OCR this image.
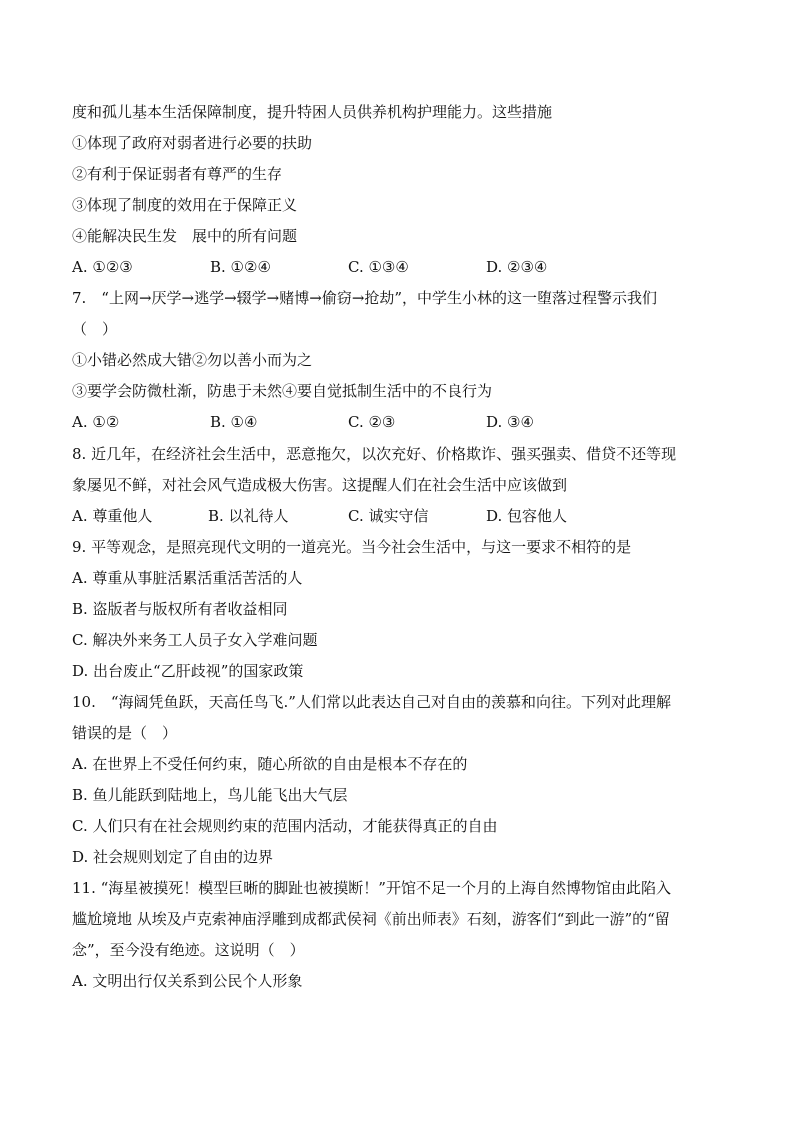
度和孤儿基本生活保障制度，提升特困人员供养机构护理能力。这些措施
①体现了政府对弱者进行必要的扶助
②有利于保证弱者有尊严的生存
③体现了制度的效用在于保障正义
④能解决民生发　展中的所有问题
A. ①②③	B. ①②④	C. ①③④	D. ②③④
7.　“上网→厌学→逃学→辍学→赌博→偷窃→抢劫”，中学生小林的这一堕落过程警示我们
（　）
①小错必然成大错②勿以善小而为之
③要学会防微杜渐，防患于未然④要自觉抵制生活中的不良行为
A. ①②	B. ①④	C. ②③	D. ③④
8. 近几年，在经济社会生活中，恶意拖欠，以次充好、价格欺诈、强买强卖、借贷不还等现
象屡见不鲜，对社会风气造成极大伤害。这提醒人们在社会生活中应该做到
A. 尊重他人	B. 以礼待人	C. 诚实守信	D. 包容他人
9. 平等观念，是照亮现代文明的一道亮光。当今社会生活中，与这一要求不相符的是
A. 尊重从事脏活累活重活苦活的人
B. 盗版者与版权所有者收益相同
C. 解决外来务工人员子女入学难问题
D. 出台废止“乙肝歧视”的国家政策
10.　“海阔凭鱼跃，天高任鸟飞.”人们常以此表达自己对自由的羡慕和向往。下列对此理解
错误的是（　）
A. 在世界上不受任何约束，随心所欲的自由是根本不存在的
B. 鱼儿能跃到陆地上，鸟儿能飞出大气层
C. 人们只有在社会规则约束的范围内活动，才能获得真正的自由
D. 社会规则划定了自由的边界
11. “海星被摸死！模型巨晰的脚趾也被摸断！”开馆不足一个月的上海自然博物馆由此陷入
尴尬境地 从埃及卢克索神庙浮雕到成都武侯祠《前出师表》石刻，游客们“到此一游”的“留
念”，至今没有绝迹。这说明（　）
A. 文明出行仅关系到公民个人形象
